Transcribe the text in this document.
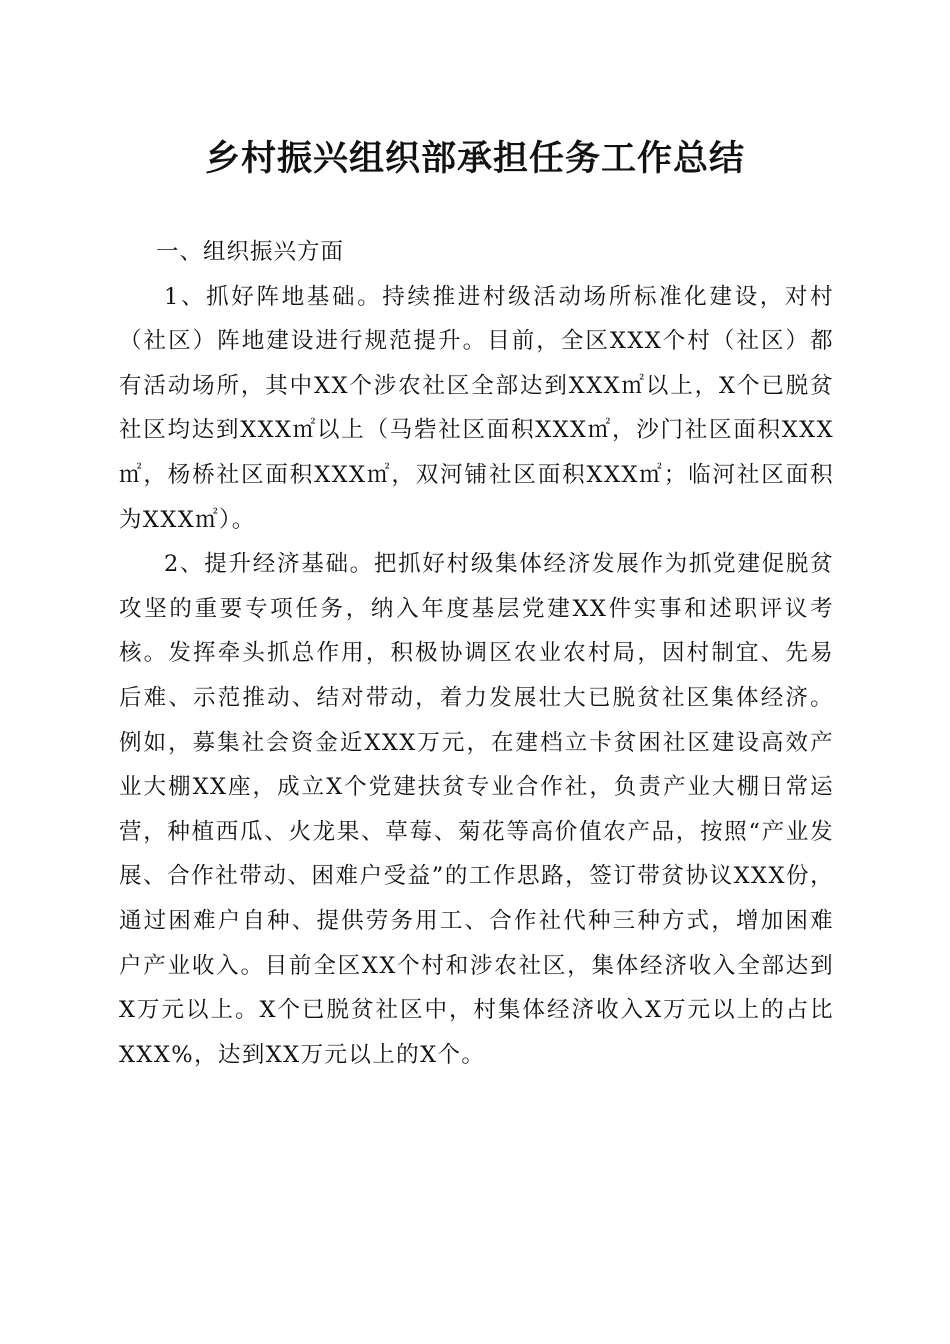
乡村振兴组织部承担任务工作总结
一、组织振兴方面

1、抓好阵地基础。持续推进村级活动场所标准化建设，对村（社区）阵地建设进行规范提升。目前，全区XXX个村（社区）都有活动场所，其中XX个涉农社区全部达到XXX㎡以上，X个已脱贫社区均达到XXX㎡以上（马砦社区面积XXX㎡，沙门社区面积XXX㎡，杨桥社区面积XXX㎡，双河铺社区面积XXX㎡；临河社区面积为XXX㎡）。

2、提升经济基础。把抓好村级集体经济发展作为抓党建促脱贫攻坚的重要专项任务，纳入年度基层党建XX件实事和述职评议考核。发挥牵头抓总作用，积极协调区农业农村局，因村制宜、先易后难、示范推动、结对带动，着力发展壮大已脱贫社区集体经济。例如，募集社会资金近XXX万元，在建档立卡贫困社区建设高效产业大棚XX座，成立X个党建扶贫专业合作社，负责产业大棚日常运营，种植西瓜、火龙果、草莓、菊花等高价值农产品，按照“产业发展、合作社带动、困难户受益”的工作思路，签订带贫协议XXX份，通过困难户自种、提供劳务用工、合作社代种三种方式，增加困难户产业收入。目前全区XX个村和涉农社区，集体经济收入全部达到X万元以上。X个已脱贫社区中，村集体经济收入X万元以上的占比XXX%，达到XX万元以上的X个。
